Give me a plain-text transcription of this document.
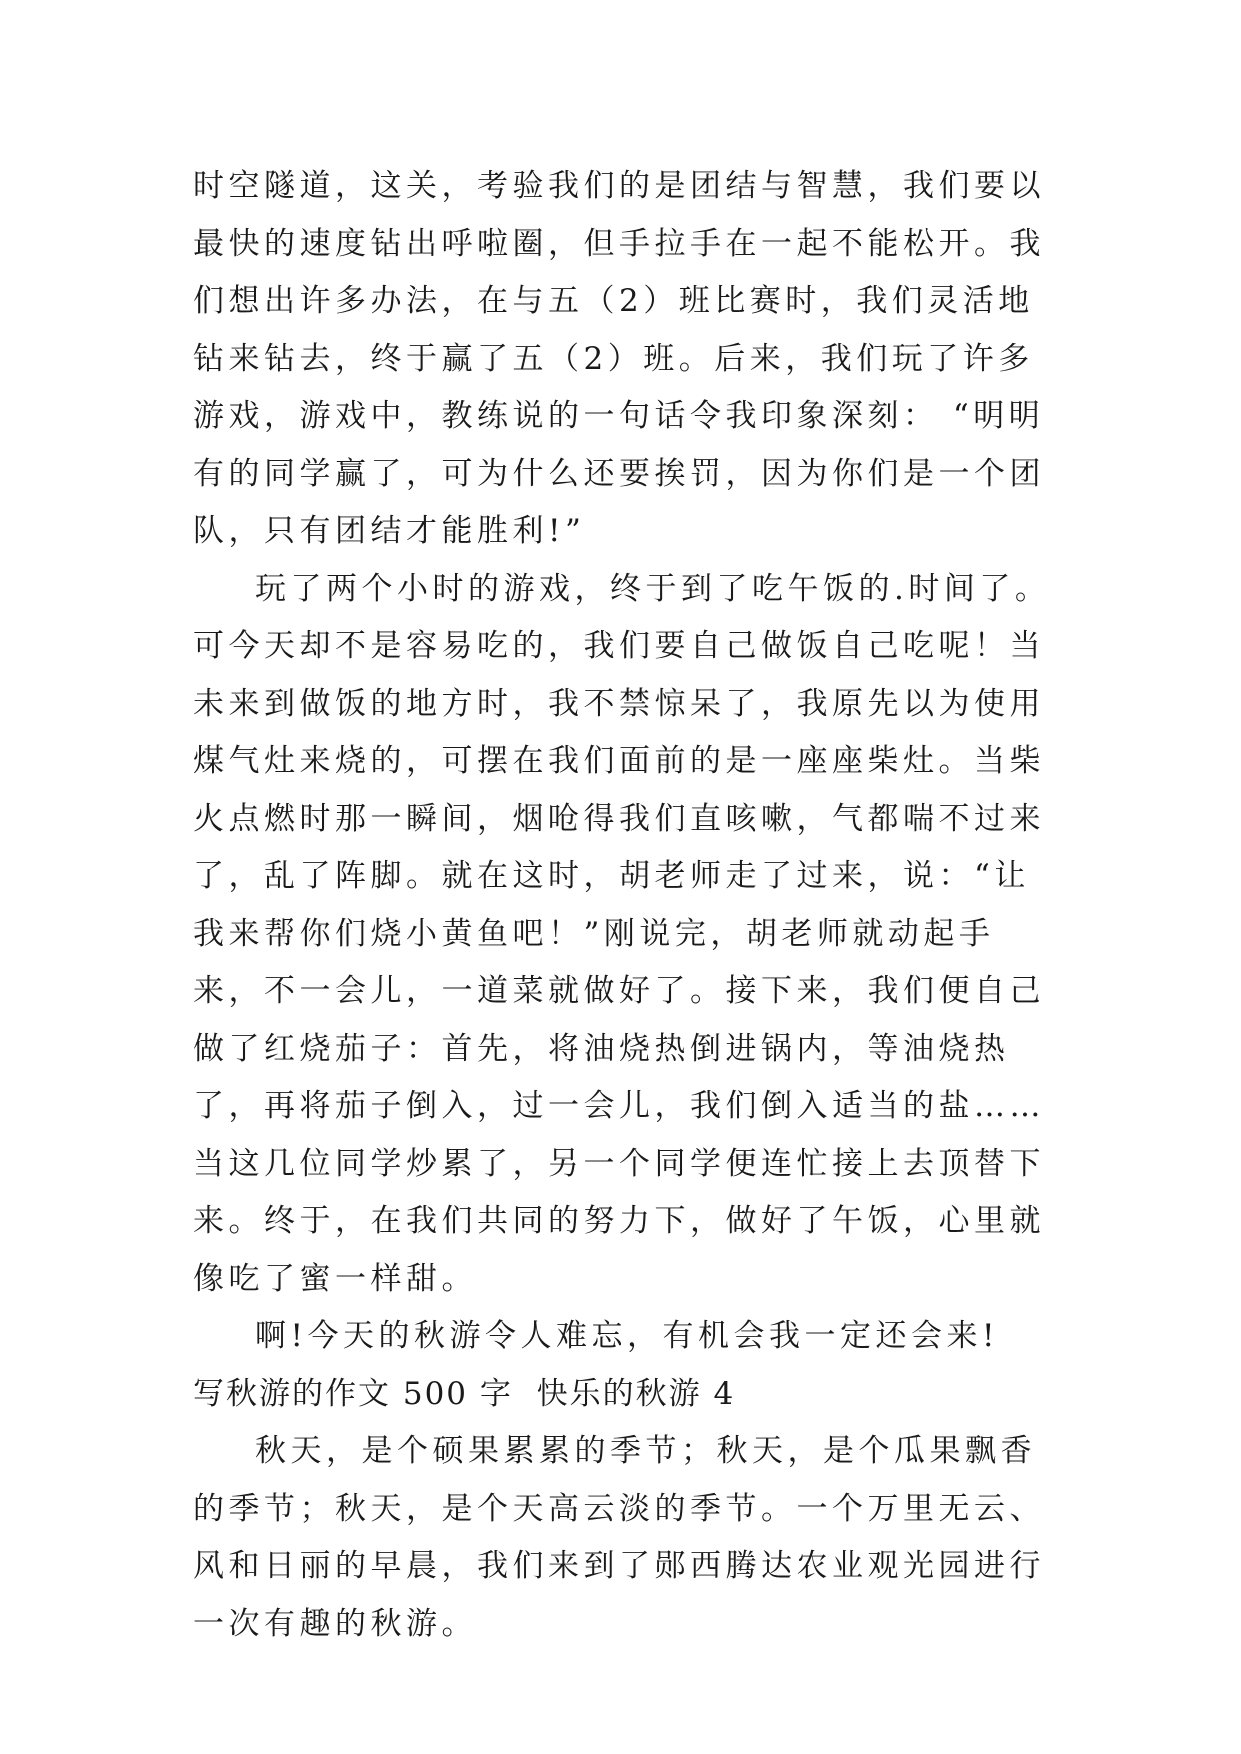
时空隧道，这关，考验我们的是团结与智慧，我们要以最快的速度钻出呼啦圈，但手拉手在一起不能松开。我们想出许多办法，在与五（2）班比赛时，我们灵活地钻来钻去，终于赢了五（2）班。后来，我们玩了许多游戏，游戏中，教练说的一句话令我印象深刻： “明明有的同学赢了，可为什么还要挨罚，因为你们是一个团队，只有团结才能胜利!”

玩了两个小时的游戏，终于到了吃午饭的.时间了。可今天却不是容易吃的，我们要自己做饭自己吃呢！当未来到做饭的地方时，我不禁惊呆了，我原先以为使用煤气灶来烧的，可摆在我们面前的是一座座柴灶。当柴火点燃时那一瞬间，烟呛得我们直咳嗽，气都喘不过来了，乱了阵脚。就在这时，胡老师走了过来，说：“让我来帮你们烧小黄鱼吧！”刚说完，胡老师就动起手来，不一会儿，一道菜就做好了。接下来，我们便自己做了红烧茄子：首先，将油烧热倒进锅内，等油烧热了，再将茄子倒入，过一会儿，我们倒入适当的盐……当这几位同学炒累了，另一个同学便连忙接上去顶替下来。终于，在我们共同的努力下，做好了午饭，心里就像吃了蜜一样甜。

啊!今天的秋游令人难忘，有机会我一定还会来!

写秋游的作文 500 字  快乐的秋游 4

秋天，是个硕果累累的季节；秋天，是个瓜果飘香的季节；秋天，是个天高云淡的季节。一个万里无云、风和日丽的早晨，我们来到了郧西腾达农业观光园进行一次有趣的秋游。
